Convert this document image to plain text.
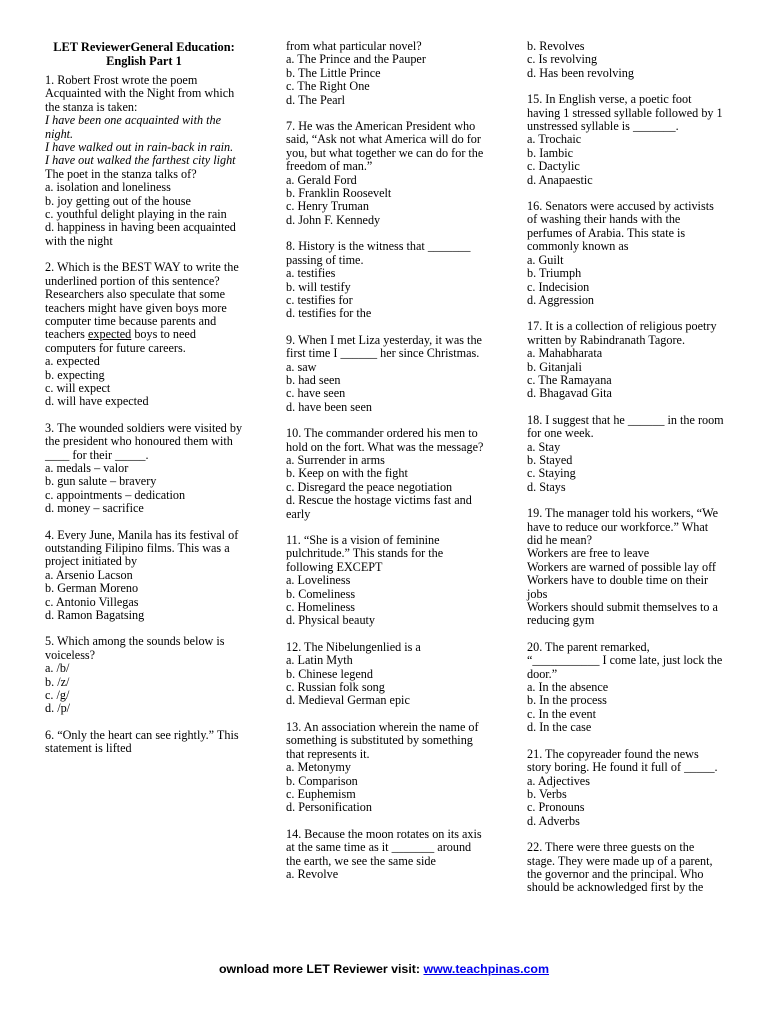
LET ReviewerGeneral Education:
English Part 1

1. Robert Frost wrote the poem Acquainted with the Night from which the stanza is taken:

I have been one acquainted with the night.

I have walked out in rain-back in rain.

I have out walked the farthest city light

The poet in the stanza talks of?

a. isolation and loneliness

b. joy getting out of the house

c. youthful delight playing in the rain

d. happiness in having been acquainted with the night

2. Which is the BEST WAY to write the underlined portion of this sentence? Researchers also speculate that some teachers might have given boys more computer time because parents and teachers expected boys to need computers for future careers.

a. expected

b. expecting

c. will expect

d. will have expected

3. The wounded soldiers were visited by the president who honoured them with ____ for their _____.

a. medals – valor

b. gun salute – bravery

c. appointments – dedication

d. money – sacrifice

4. Every June, Manila has its festival of outstanding Filipino films. This was a project initiated by

a. Arsenio Lacson

b. German Moreno

c. Antonio Villegas

d. Ramon Bagatsing

5. Which among the sounds below is voiceless?

a. /b/

b. /z/

c. /g/

d. /p/

6. “Only the heart can see rightly.” This statement is lifted

from what particular novel?

a. The Prince and the Pauper

b. The Little Prince

c. The Right One

d. The Pearl

7. He was the American President who said, “Ask not what America will do for you, but what together we can do for the freedom of man.”

a. Gerald Ford

b. Franklin Roosevelt

c. Henry Truman

d. John F. Kennedy

8. History is the witness that _______ passing of time.

a. testifies

b. will testify

c. testifies for

d. testifies for the

9. When I met Liza yesterday, it was the first time I ______ her since Christmas.

a. saw

b. had seen

c. have seen

d. have been seen

10. The commander ordered his men to hold on the fort. What was the message?

a. Surrender in arms

b. Keep on with the fight

c. Disregard the peace negotiation

d. Rescue the hostage victims fast and early

11. “She is a vision of feminine pulchritude.” This stands for the following EXCEPT

a. Loveliness

b. Comeliness

c. Homeliness

d. Physical beauty

12. The Nibelungenlied is a

a. Latin Myth

b. Chinese legend

c. Russian folk song

d. Medieval German epic

13. An association wherein the name of something is substituted by something that represents it.

a. Metonymy

b. Comparison

c. Euphemism

d. Personification

14. Because the moon rotates on its axis at the same time as it _______ around the earth, we see the same side

a. Revolve

b. Revolves

c. Is revolving

d. Has been revolving

15. In English verse, a poetic foot having 1 stressed syllable followed by 1 unstressed syllable is _______.

a. Trochaic

b. Iambic

c. Dactylic

d. Anapaestic

16. Senators were accused by activists of washing their hands with the perfumes of Arabia. This state is commonly known as

a. Guilt

b. Triumph

c. Indecision

d. Aggression

17. It is a collection of religious poetry written by Rabindranath Tagore.

a. Mahabharata

b. Gitanjali

c. The Ramayana

d. Bhagavad Gita

18. I suggest that he ______ in the room for one week.

a. Stay

b. Stayed

c. Staying

d. Stays

19. The manager told his workers, “We have to reduce our workforce.” What did he mean?

Workers are free to leave

Workers are warned of possible lay off

Workers have to double time on their jobs

Workers should submit themselves to a reducing gym

20. The parent remarked, “___________ I come late, just lock the door.”

a. In the absence

b. In the process

c. In the event

d. In the case

21. The copyreader found the news story boring. He found it full of _____.

a. Adjectives

b. Verbs

c. Pronouns

d. Adverbs

22. There were three guests on the stage. They were made up of a parent, the governor and the principal. Who should be acknowledged first by the

ownload more LET Reviewer visit: www.teachpinas.com
